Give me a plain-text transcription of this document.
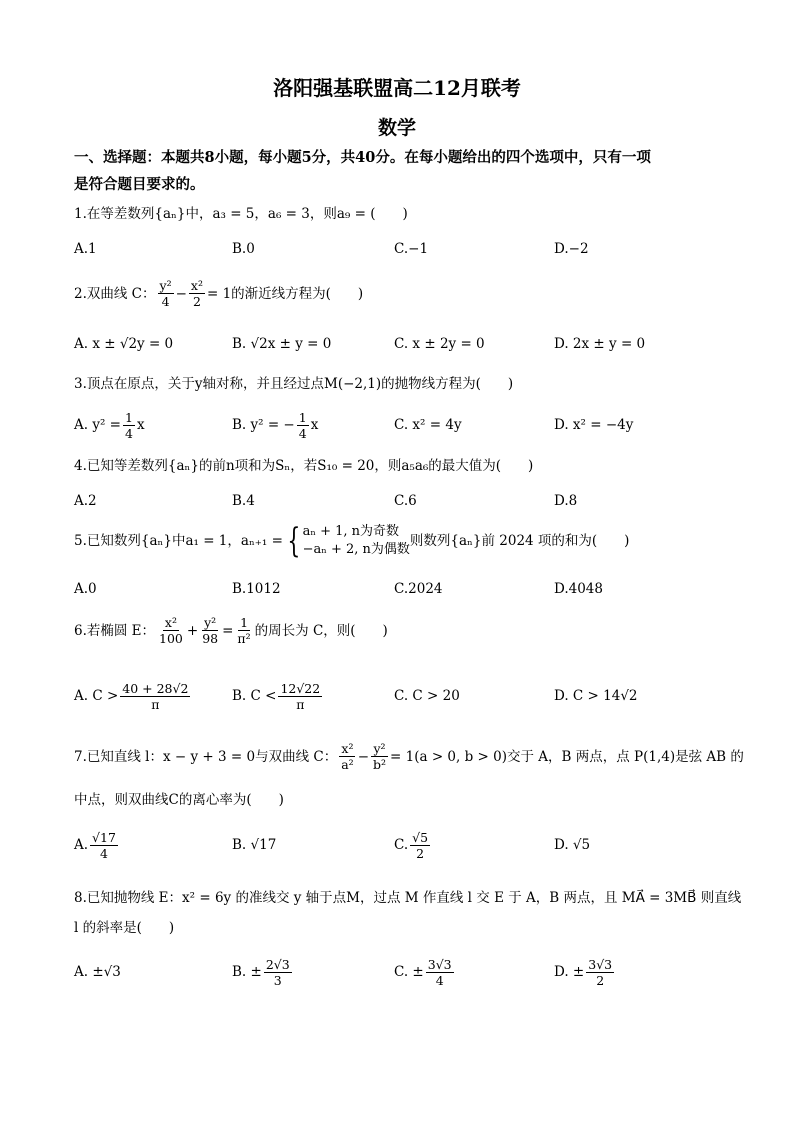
洛阳强基联盟高二12月联考
数学
一、选择题：本题共8小题，每小题5分，共40分。在每小题给出的四个选项中，只有一项
是符合题目要求的。
1.在等差数列{aₙ}中，a₃ = 5，a₆ = 3，则a₉ = (　　)
A.1	B.0	C.−1	D.−2
2.双曲线 C： $\frac{\text{y²}}{4} - \frac{\text{x²}}{2} = 1$的渐近线方程为(　　)
A. x ± √2y = 0	B. √2x ± y = 0	C. x ± 2y = 0	D. 2x ± y = 0
3.顶点在原点，关于y轴对称，并且经过点M(−2,1)的抛物线方程为(　　)
A. $y^2 = \frac{1}{4}$ x	B. y² = − $\frac{1}{4}$ x	C. x² = 4y	D. x² = −4y
4.已知等差数列{aₙ}的前n项和为Sₙ，若S₁₀ = 20，则a₅a₆的最大值为(　　)
A.2	B.4	C.6	D.8
5.已知数列{aₙ}中a₁ = 1，aₙ₊₁ = { aₙ + 1, n为奇数
−aₙ + 2, n为偶数
则数列{aₙ}前 2024 项的和为(　　)
A.0	B.1012	C.2024	D.4048
6.若椭圆 E： $\frac{\text{x²}}{100} + \frac{\text{y²}}{98} = \frac{1}{\text{π²}}$ 的周长为 C，则(　　)
A. $C > \frac{40 + 28√2}{\pi}$	B. $C < \frac{12√22}{\pi}$	C. C > 20	D. C > 14√2
7.已知直线 l：x − y + 3 = 0与双曲线 C： $\frac{\text{x²}}{\text{a²}} - \frac{\text{y²}}{\text{b²}} = 1(a > 0$, b > 0)交于 A，B 两点，点 P(1,4)是弦 AB 的
中点，则双曲线C的离心率为(　　)
A. $\frac{√17}{4}$	B. √17	C. $\frac{√5}{2}$	D. √5
8.已知抛物线 E：x² = 6y 的准线交 y 轴于点M，过点 M 作直线 l 交 E 于 A，B 两点，且 MA⃗ = 3MB⃗ 则直线
l 的斜率是(　　)
A. ±√3	B. ± $\frac{2√3}{3}$	C. ± $\frac{3√3}{4}$	D. ± $\frac{3√3}{2}$
